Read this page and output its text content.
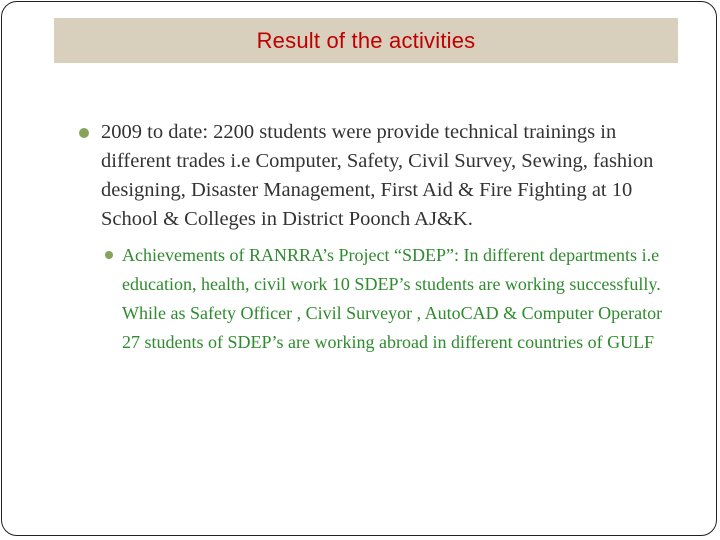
Result of the activities
2009 to date: 2200 students were provide technical trainings in different trades i.e Computer, Safety, Civil Survey, Sewing, fashion designing, Disaster Management, First Aid & Fire Fighting at 10 School & Colleges in District Poonch AJ&K.
Achievements of RANRRA’s Project “SDEP”: In different departments i.e education, health, civil work 10 SDEP’s students are working successfully. While as Safety Officer , Civil Surveyor , AutoCAD & Computer Operator 27 students of SDEP’s are working abroad in different countries of GULF
